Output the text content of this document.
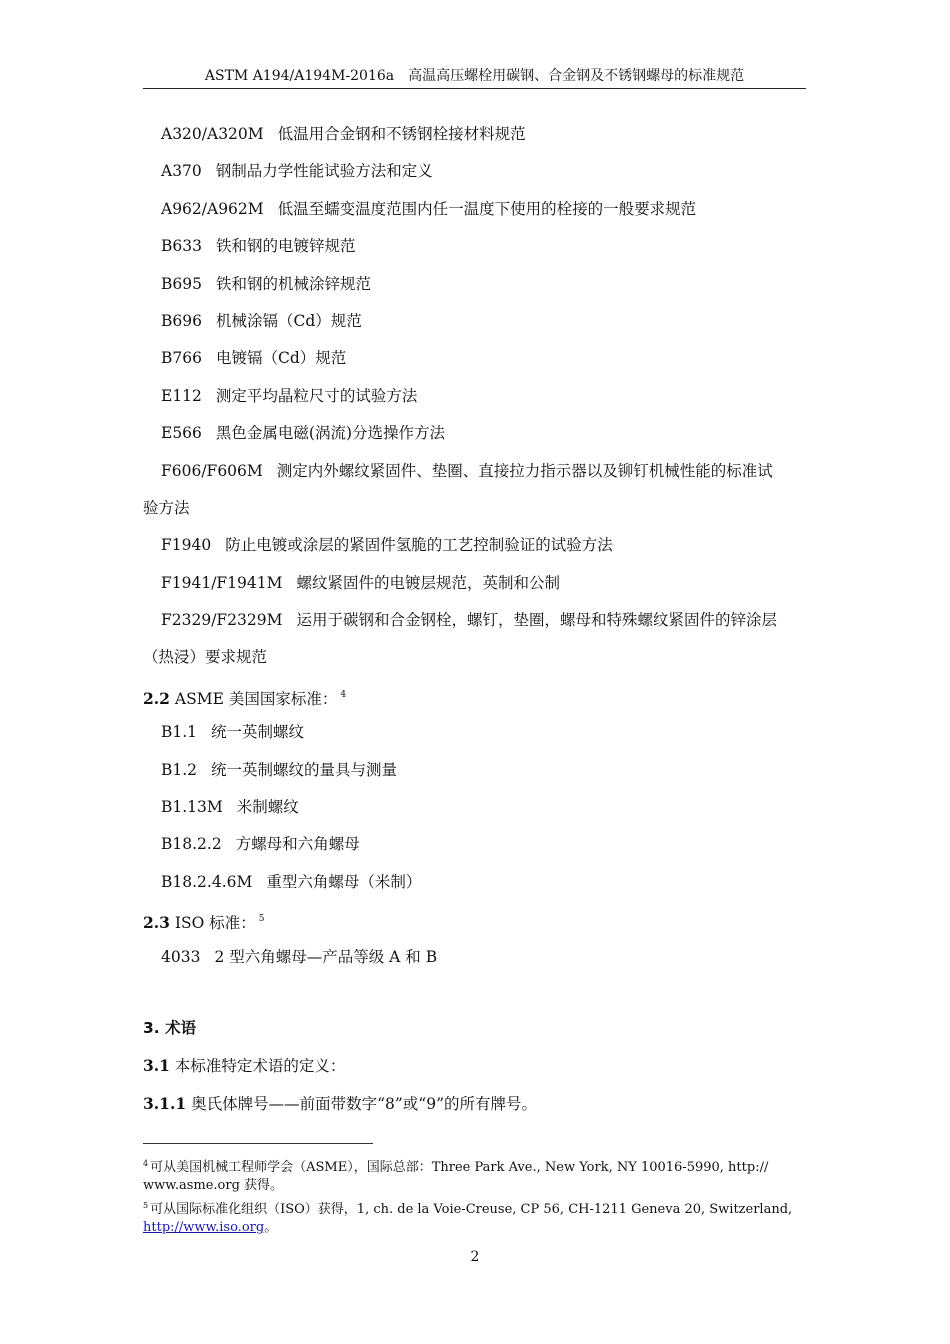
ASTM A194/A194M-2016a　高温高压螺栓用碳钢、合金钢及不锈钢螺母的标准规范
A320/A320M 低温用合金钢和不锈钢栓接材料规范
A370 钢制品力学性能试验方法和定义
A962/A962M 低温至蠕变温度范围内任一温度下使用的栓接的一般要求规范
B633 铁和钢的电镀锌规范
B695 铁和钢的机械涂锌规范
B696 机械涂镉（Cd）规范
B766 电镀镉（Cd）规范
E112 测定平均晶粒尺寸的试验方法
E566 黑色金属电磁(涡流)分选操作方法
F606/F606M 测定内外螺纹紧固件、垫圈、直接拉力指示器以及铆钉机械性能的标准试
验方法
F1940 防止电镀或涂层的紧固件氢脆的工艺控制验证的试验方法
F1941/F1941M 螺纹紧固件的电镀层规范，英制和公制
F2329/F2329M 运用于碳钢和合金钢栓，螺钉，垫圈，螺母和特殊螺纹紧固件的锌涂层
（热浸）要求规范
2.2 ASME 美国国家标准： $^4$
B1.1 统一英制螺纹
B1.2 统一英制螺纹的量具与测量
B1.13M 米制螺纹
B18.2.2 方螺母和六角螺母
B18.2.4.6M 重型六角螺母（米制）
2.3 ISO 标准： $^5$
4033 2 型六角螺母—产品等级 A 和 B
3. 术语
3.1 本标准特定术语的定义：
3.1.1 奥氏体牌号——前面带数字“8”或“9”的所有牌号。
$^4$ 可从美国机械工程师学会（ASME），国际总部：Three Park Ave., New York, NY 10016-5990, http://
www.asme.org 获得。
$^5$ 可从国际标准化组织（ISO）获得，1, ch. de la Voie-Creuse, CP 56, CH-1211 Geneva 20, Switzerland,
http://www.iso.org。
2
